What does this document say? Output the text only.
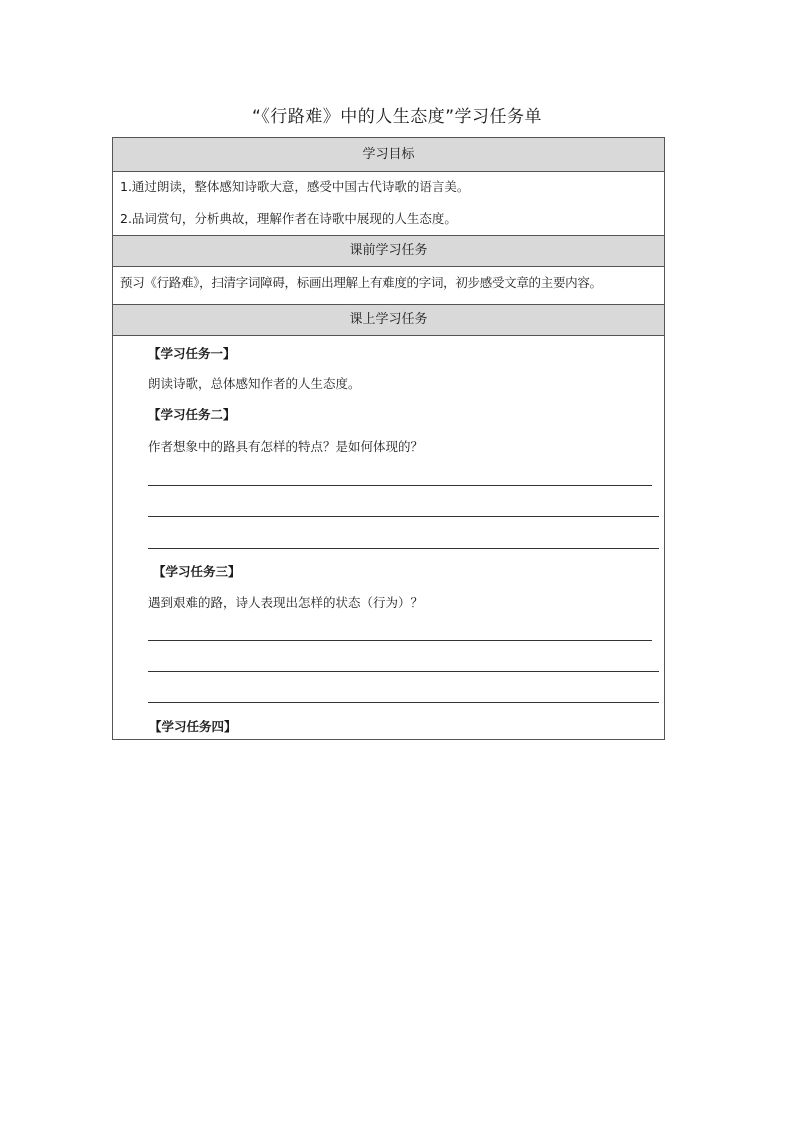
“《行路难》中的人生态度”学习任务单
学习目标
1.通过朗读，整体感知诗歌大意，感受中国古代诗歌的语言美。
2.品词赏句，分析典故，理解作者在诗歌中展现的人生态度。
课前学习任务
预习《行路难》，扫清字词障碍，标画出理解上有难度的字词，初步感受文章的主要内容。
课上学习任务
【学习任务一】
朗读诗歌，总体感知作者的人生态度。
【学习任务二】
作者想象中的路具有怎样的特点？是如何体现的？
【学习任务三】
遇到艰难的路，诗人表现出怎样的状态（行为）？
【学习任务四】
